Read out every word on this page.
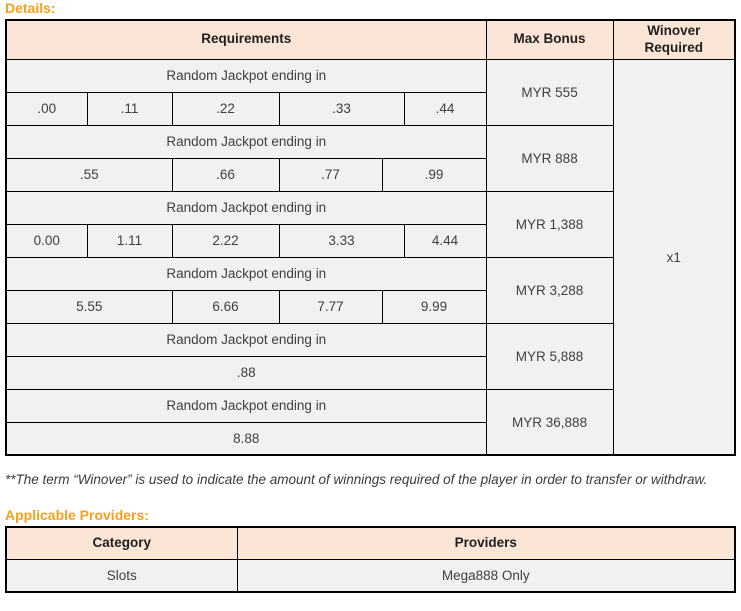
Details:
Requirements						Max Bonus	Winover Required
Random Jackpot ending in						MYR 555	x1
.00	.11	.22	.33		.44		
Random Jackpot ending in						MYR 888	
.55		.66	.77	.99			
Random Jackpot ending in						MYR 1,388	
0.00	1.11	2.22	3.33		4.44		
Random Jackpot ending in						MYR 3,288	
5.55		6.66	7.77	9.99			
Random Jackpot ending in						MYR 5,888	
.88							
Random Jackpot ending in						MYR 36,888	
8.88							

**The term “Winover” is used to indicate the amount of winnings required of the player in order to transfer or withdraw.

Applicable Providers:
Category	Providers
Slots	Mega888 Only
